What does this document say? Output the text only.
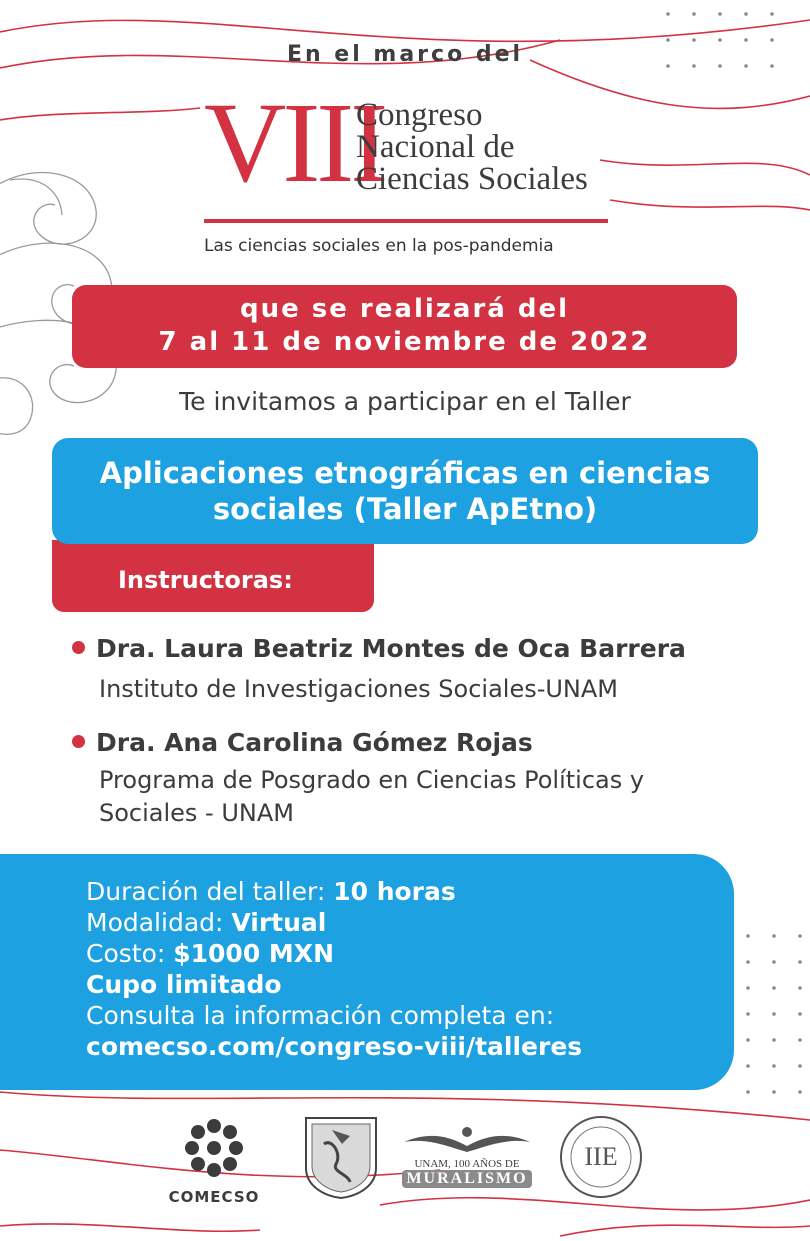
En el marco del
VIII
Congreso
Nacional de
Ciencias Sociales
Las ciencias sociales en la pos-pandemia
que se realizará del
7 al 11 de noviembre de 2022
Te invitamos a participar en el Taller
Instructoras:
Aplicaciones etnográficas en ciencias
sociales (Taller ApEtno)
Dra. Laura Beatriz Montes de Oca Barrera
Instituto de Investigaciones Sociales-UNAM
Dra. Ana Carolina Gómez Rojas
Programa de Posgrado en Ciencias Políticas y
Sociales - UNAM
Duración del taller: 10 horas
Modalidad: Virtual
Costo: $1000 MXN
Cupo limitado
Consulta la información completa en:
comecso.com/congreso-viii/talleres
COMECSO
UNAM, 100 AÑOS DE
MURALISMO
IIE
